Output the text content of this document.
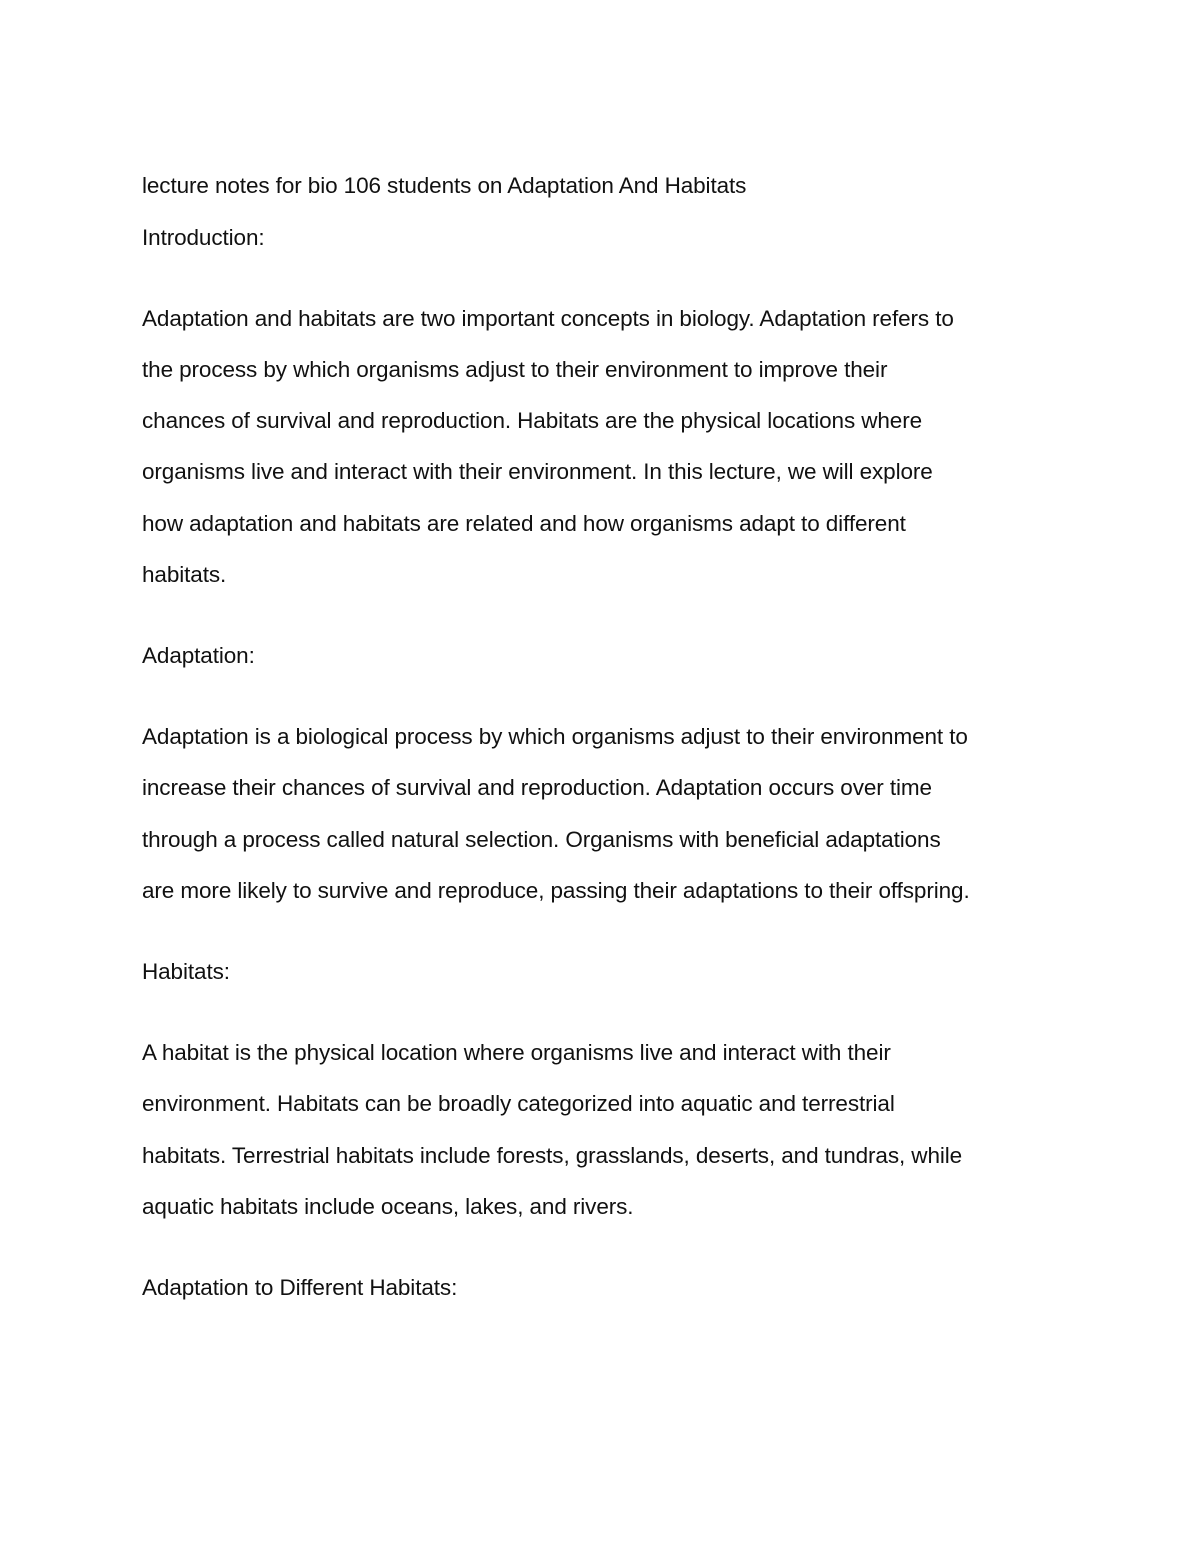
lecture notes for bio 106 students on Adaptation And Habitats
Introduction:
Adaptation and habitats are two important concepts in biology. Adaptation refers to
the process by which organisms adjust to their environment to improve their
chances of survival and reproduction. Habitats are the physical locations where
organisms live and interact with their environment. In this lecture, we will explore
how adaptation and habitats are related and how organisms adapt to different
habitats.
Adaptation:
Adaptation is a biological process by which organisms adjust to their environment to
increase their chances of survival and reproduction. Adaptation occurs over time
through a process called natural selection. Organisms with beneficial adaptations
are more likely to survive and reproduce, passing their adaptations to their offspring.
Habitats:
A habitat is the physical location where organisms live and interact with their
environment. Habitats can be broadly categorized into aquatic and terrestrial
habitats. Terrestrial habitats include forests, grasslands, deserts, and tundras, while
aquatic habitats include oceans, lakes, and rivers.
Adaptation to Different Habitats:
